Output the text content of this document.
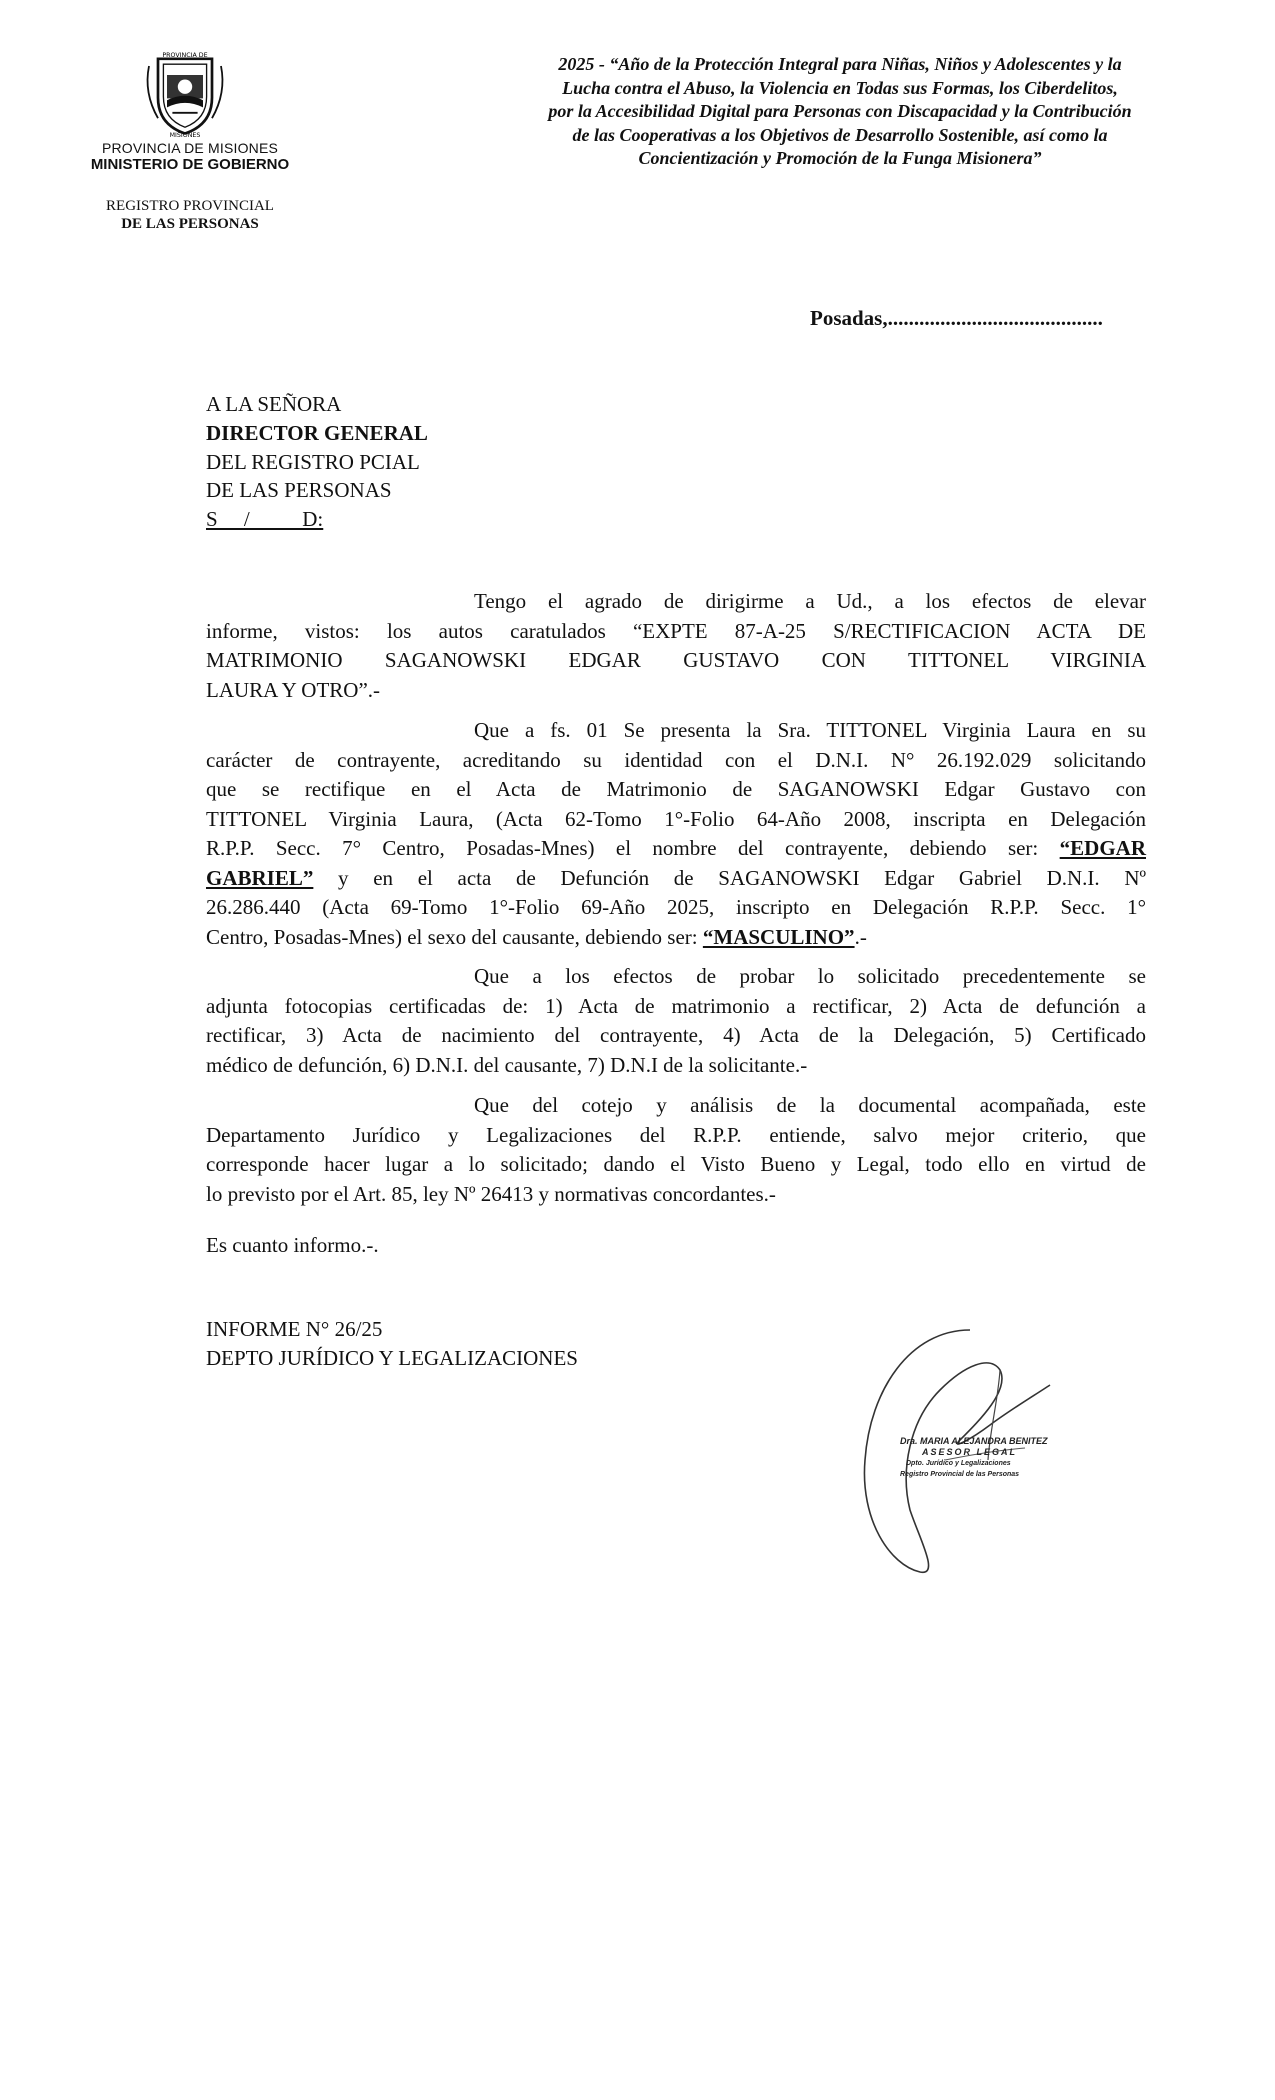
PROVINCIA DE
MISIONES
PROVINCIA DE MISIONES
MINISTERIO DE GOBIERNO
REGISTRO PROVINCIAL
DE LAS PERSONAS
2025 - “Año de la Protección Integral para Niñas, Niños y Adolescentes y la
Lucha contra el Abuso, la Violencia en Todas sus Formas, los Ciberdelitos,
por la Accesibilidad Digital para Personas con Discapacidad y la Contribución
de las Cooperativas a los Objetivos de Desarrollo Sostenible, así como la
Concientización y Promoción de la Funga Misionera”
Posadas,.........................................
A LA SEÑORA
DIRECTOR GENERAL
DEL REGISTRO PCIAL
DE LAS PERSONAS
S     /          D:
Tengo el agrado de dirigirme a Ud., a los efectos de elevar
informe, vistos: los autos caratulados “EXPTE 87-A-25 S/RECTIFICACION ACTA DE
MATRIMONIO SAGANOWSKI EDGAR GUSTAVO CON TITTONEL VIRGINIA
LAURA Y OTRO”.-
Que a fs. 01 Se presenta la Sra. TITTONEL Virginia Laura en su
carácter de contrayente, acreditando su identidad con el D.N.I. N° 26.192.029 solicitando
que se rectifique en el Acta de Matrimonio de SAGANOWSKI Edgar Gustavo con
TITTONEL Virginia Laura, (Acta 62-Tomo 1°-Folio 64-Año 2008, inscripta en Delegación
R.P.P. Secc. 7° Centro, Posadas-Mnes) el nombre del contrayente, debiendo ser: “EDGAR
GABRIEL” y en el acta de Defunción de SAGANOWSKI Edgar Gabriel D.N.I. Nº
26.286.440 (Acta 69-Tomo 1°-Folio 69-Año 2025, inscripto en Delegación R.P.P. Secc. 1°
Centro, Posadas-Mnes) el sexo del causante, debiendo ser: “MASCULINO”.-
Que a los efectos de probar lo solicitado precedentemente se
adjunta fotocopias certificadas de: 1) Acta de matrimonio a rectificar, 2) Acta de defunción a
rectificar, 3) Acta de nacimiento del contrayente, 4) Acta de la Delegación, 5) Certificado
médico de defunción, 6) D.N.I. del causante, 7) D.N.I de la solicitante.-
Que del cotejo y análisis de la documental acompañada, este
Departamento Jurídico y Legalizaciones del R.P.P. entiende, salvo mejor criterio, que
corresponde hacer lugar a lo solicitado; dando el Visto Bueno y Legal, todo ello en virtud de
lo previsto por el Art. 85, ley Nº 26413 y normativas concordantes.-
Es cuanto informo.-.
INFORME N° 26/25
DEPTO JURÍDICO Y LEGALIZACIONES
Dra. MARIA ALEJANDRA BENITEZ
ASESOR LEGAL
Dpto. Jurídico y Legalizaciones
Registro Provincial de las Personas
